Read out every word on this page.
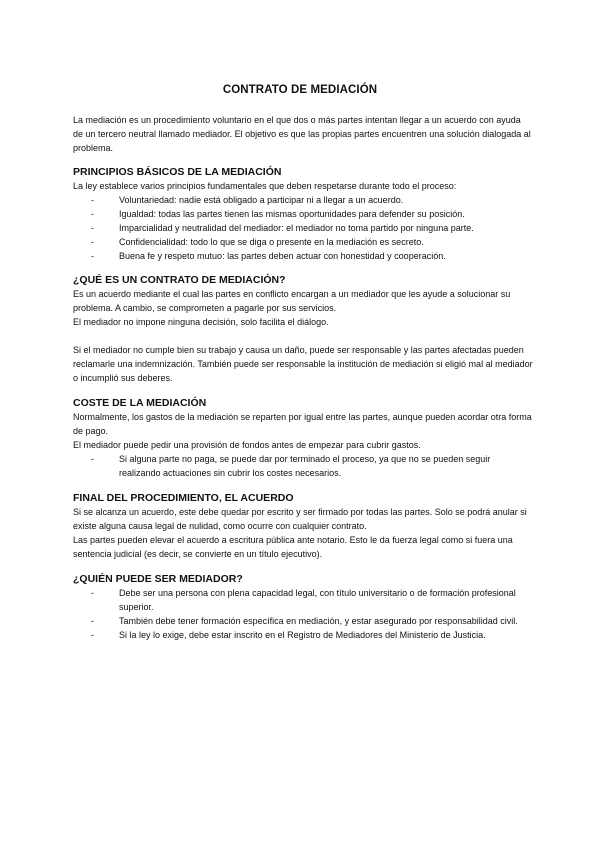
CONTRATO DE MEDIACIÓN

La mediación es un procedimiento voluntario en el que dos o más partes intentan llegar a un acuerdo con ayuda de un tercero neutral llamado mediador. El objetivo es que las propias partes encuentren una solución dialogada al problema.

PRINCIPIOS BÁSICOS DE LA MEDIACIÓN

La ley establece varios principios fundamentales que deben respetarse durante todo el proceso:

-	Voluntariedad: nadie está obligado a participar ni a llegar a un acuerdo.
-	Igualdad: todas las partes tienen las mismas oportunidades para defender su posición.
-	Imparcialidad y neutralidad del mediador: el mediador no toma partido por ninguna parte.
-	Confidencialidad: todo lo que se diga o presente en la mediación es secreto.
-	Buena fe y respeto mutuo: las partes deben actuar con honestidad y cooperación.
¿QUÉ ES UN CONTRATO DE MEDIACIÓN?

Es un acuerdo mediante el cual las partes en conflicto encargan a un mediador que les ayude a solucionar su problema. A cambio, se comprometen a pagarle por sus servicios.

El mediador no impone ninguna decisión, solo facilita el diálogo.

Si el mediador no cumple bien su trabajo y causa un daño, puede ser responsable y las partes afectadas pueden reclamarle una indemnización. También puede ser responsable la institución de mediación si eligió mal al mediador o incumplió sus deberes.

COSTE DE LA MEDIACIÓN

Normalmente, los gastos de la mediación se reparten por igual entre las partes, aunque pueden acordar otra forma de pago.

El mediador puede pedir una provisión de fondos antes de empezar para cubrir gastos.

-	Si alguna parte no paga, se puede dar por terminado el proceso, ya que no se pueden seguir realizando actuaciones sin cubrir los costes necesarios.
FINAL DEL PROCEDIMIENTO, EL ACUERDO

Si se alcanza un acuerdo, este debe quedar por escrito y ser firmado por todas las partes. Solo se podrá anular si existe alguna causa legal de nulidad, como ocurre con cualquier contrato.

Las partes pueden elevar el acuerdo a escritura pública ante notario. Esto le da fuerza legal como si fuera una sentencia judicial (es decir, se convierte en un título ejecutivo).

¿QUIÉN PUEDE SER MEDIADOR?
-	Debe ser una persona con plena capacidad legal, con título universitario o de formación profesional superior.
-	También debe tener formación específica en mediación, y estar asegurado por responsabilidad civil.
-	Si la ley lo exige, debe estar inscrito en el Registro de Mediadores del Ministerio de Justicia.
